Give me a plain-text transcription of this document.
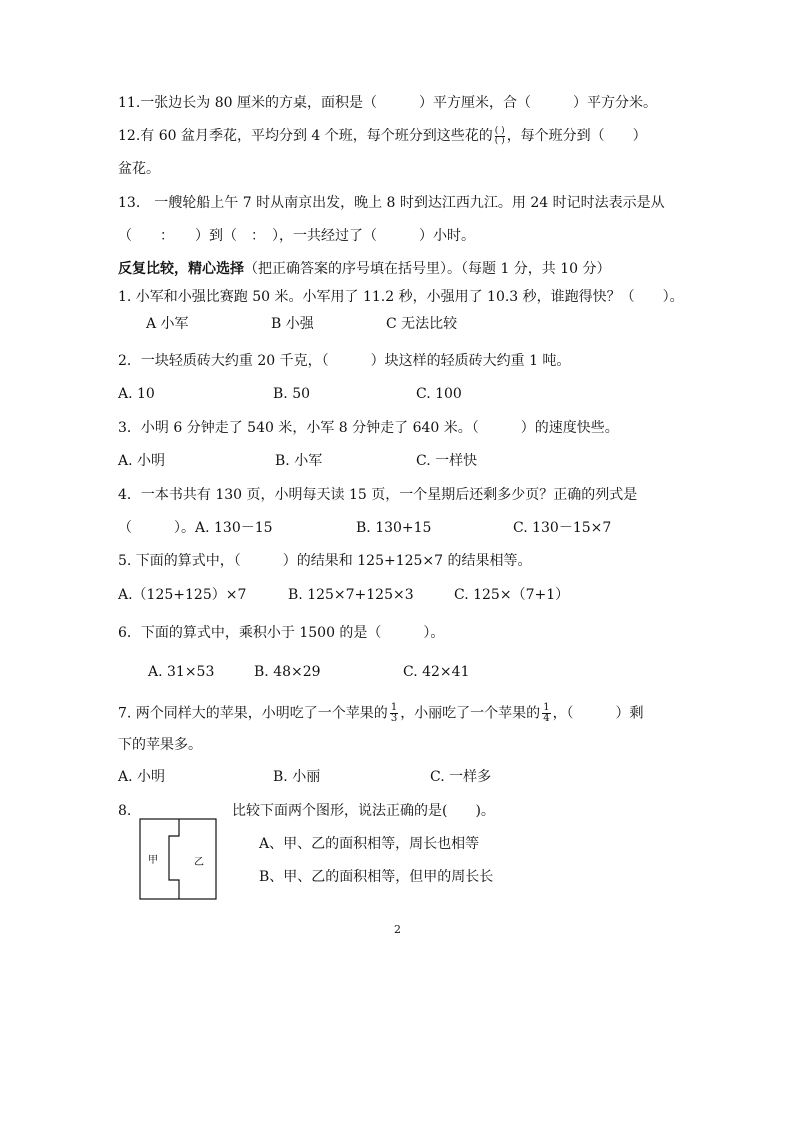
11.一张边长为 80 厘米的方桌，面积是（　　　）平方厘米，合（　　　）平方分米。
12.有 60 盆月季花，平均分到 4 个班，每个班分到这些花的 $\frac{( )}{( )}$ ，每个班分到（　　）
盆花。
13.　一艘轮船上午 7 时从南京出发，晚上 8 时到达江西九江。用 24 时记时法表示是从
（　　：　　）到（　：　），一共经过了（　　　）小时。
反复比较，精心选择（把正确答案的序号填在括号里）。（每题 1 分，共 10 分）
1. 小军和小强比赛跑 50 米。小军用了 11.2 秒，小强用了 10.3 秒，谁跑得快？（　　）。
A 小军	B 小强	C 无法比较
2．一块轻质砖大约重 20 千克，（　　　）块这样的轻质砖大约重 1 吨。
A. 10	B. 50	C. 100
3．小明 6 分钟走了 540 米，小军 8 分钟走了 640 米。（　　　）的速度快些。
A. 小明	B. 小军	C. 一样快
4．一本书共有 130 页，小明每天读 15 页，一个星期后还剩多少页？正确的列式是
（　　　）。A. 130－15	B. 130+15	C. 130－15×7
5. 下面的算式中，（　　　）的结果和 125+125×7 的结果相等。
A.（125+125）×7	B. 125×7+125×3	C. 125×（7+1）
6．下面的算式中，乘积小于 1500 的是（　　　）。
A. 31×53	B. 48×29	C. 42×41
7. 两个同样大的苹果，小明吃了一个苹果的 $\frac{1}{3}$ ，小丽吃了一个苹果的 $\frac{1}{4}$ ，（　　　）剩
下的苹果多。
A. 小明	B. 小丽	C. 一样多
8.	比较下面两个图形，说法正确的是(　　)。
A、甲、乙的面积相等，周长也相等
B、甲、乙的面积相等，但甲的周长长
甲	乙
2
